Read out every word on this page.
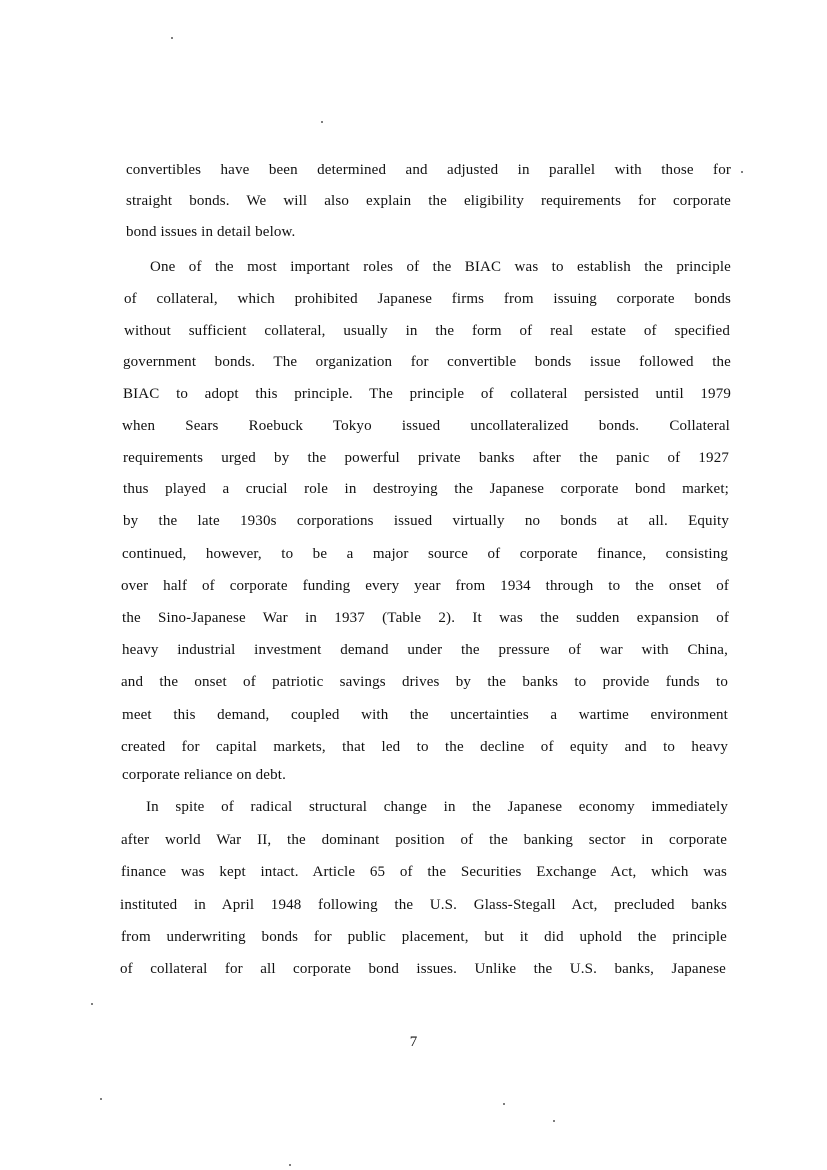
convertibles have been determined and adjusted in parallel with those for
straight bonds. We will also explain the eligibility requirements for corporate
bond issues in detail below.
One of the most important roles of the BIAC was to establish the principle
of collateral, which prohibited Japanese firms from issuing corporate bonds
without sufficient collateral, usually in the form of real estate of specified
government bonds. The organization for convertible bonds issue followed the
BIAC to adopt this principle. The principle of collateral persisted until 1979
when Sears Roebuck Tokyo issued uncollateralized bonds. Collateral
requirements urged by the powerful private banks after the panic of 1927
thus played a crucial role in destroying the Japanese corporate bond market;
by the late 1930s corporations issued virtually no bonds at all. Equity
continued, however, to be a major source of corporate finance, consisting
over half of corporate funding every year from 1934 through to the onset of
the Sino-Japanese War in 1937 (Table 2). It was the sudden expansion of
heavy industrial investment demand under the pressure of war with China,
and the onset of patriotic savings drives by the banks to provide funds to
meet this demand, coupled with the uncertainties a wartime environment
created for capital markets, that led to the decline of equity and to heavy
corporate reliance on debt.
In spite of radical structural change in the Japanese economy immediately
after world War II, the dominant position of the banking sector in corporate
finance was kept intact. Article 65 of the Securities Exchange Act, which was
instituted in April 1948 following the U.S. Glass-Stegall Act, precluded banks
from underwriting bonds for public placement, but it did uphold the principle
of collateral for all corporate bond issues. Unlike the U.S. banks, Japanese
7
